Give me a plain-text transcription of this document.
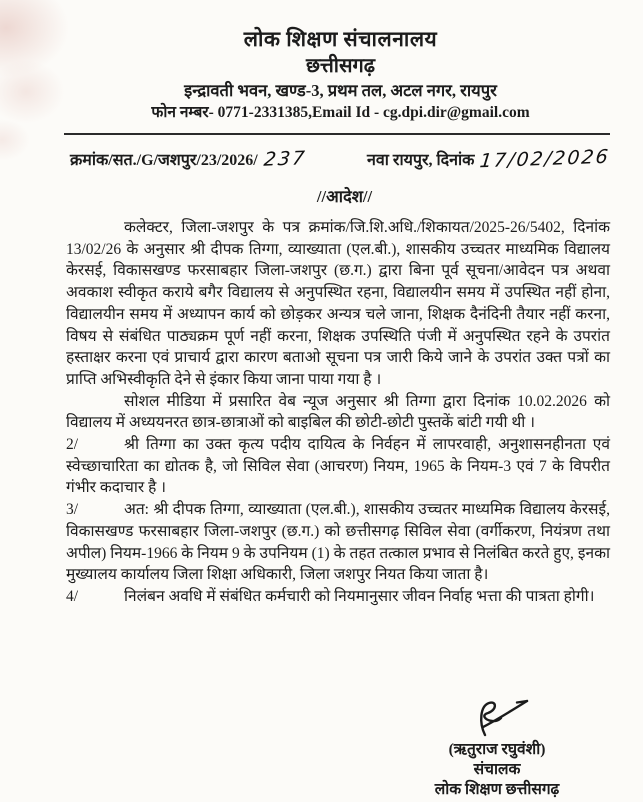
लोक शिक्षण संचालनालय
छत्तीसगढ़
इन्द्रावती भवन, खण्ड-3, प्रथम तल, अटल नगर, रायपुर
फोन नम्बर- 0771-2331385,Email Id - cg.dpi.dir@gmail.com
क्रमांक/सत./G/जशपुर/23/2026/ 237	नवा रायपुर, दिनांक 17/02/2026
//आदेश//

कलेक्टर, जिला-जशपुर के पत्र क्रमांक/जि.शि.अधि./शिकायत/2025-26/5402, दिनांक 13/02/26 के अनुसार श्री दीपक तिग्गा, व्याख्याता (एल.बी.), शासकीय उच्चतर माध्यमिक विद्यालय केरसई, विकासखण्ड फरसाबहार जिला-जशपुर (छ.ग.) द्वारा बिना पूर्व सूचना/आवेदन पत्र अथवा अवकाश स्वीकृत कराये बगैर विद्यालय से अनुपस्थित रहना, विद्यालयीन समय में उपस्थित नहीं होना, विद्यालयीन समय में अध्यापन कार्य को छोड़कर अन्यत्र चले जाना, शिक्षक दैनंदिनी तैयार नहीं करना, विषय से संबंधित पाठ्यक्रम पूर्ण नहीं करना, शिक्षक उपस्थिति पंजी में अनुपस्थित रहने के उपरांत हस्ताक्षर करना एवं प्राचार्य द्वारा कारण बताओ सूचना पत्र जारी किये जाने के उपरांत उक्त पत्रों का प्राप्ति अभिस्वीकृति देने से इंकार किया जाना पाया गया है ।

सोशल मीडिया में प्रसारित वेब न्यूज अनुसार श्री तिग्गा द्वारा दिनांक 10.02.2026 को विद्यालय में अध्ययनरत छात्र-छात्राओं को बाइबिल की छोटी-छोटी पुस्तकें बांटी गयी थी ।

2/	श्री तिग्गा का उक्त कृत्य पदीय दायित्व के निर्वहन में लापरवाही, अनुशासनहीनता एवं स्वेच्छाचारिता का द्योतक है, जो सिविल सेवा (आचरण) नियम, 1965 के नियम-3 एवं 7 के विपरीत गंभीर कदाचार है ।

3/	अत: श्री दीपक तिग्गा, व्याख्याता (एल.बी.), शासकीय उच्चतर माध्यमिक विद्यालय केरसई, विकासखण्ड फरसाबहार जिला-जशपुर (छ.ग.) को छत्तीसगढ़ सिविल सेवा (वर्गीकरण, नियंत्रण तथा अपील) नियम-1966 के नियम 9 के उपनियम (1) के तहत तत्काल प्रभाव से निलंबित करते हुए, इनका मुख्यालय कार्यालय जिला शिक्षा अधिकारी, जिला जशपुर नियत किया जाता है।

4/	निलंबन अवधि में संबंधित कर्मचारी को नियमानुसार जीवन निर्वाह भत्ता की पात्रता होगी।

(ऋतुराज रघुवंशी)
संचालक
लोक शिक्षण छत्तीसगढ़
